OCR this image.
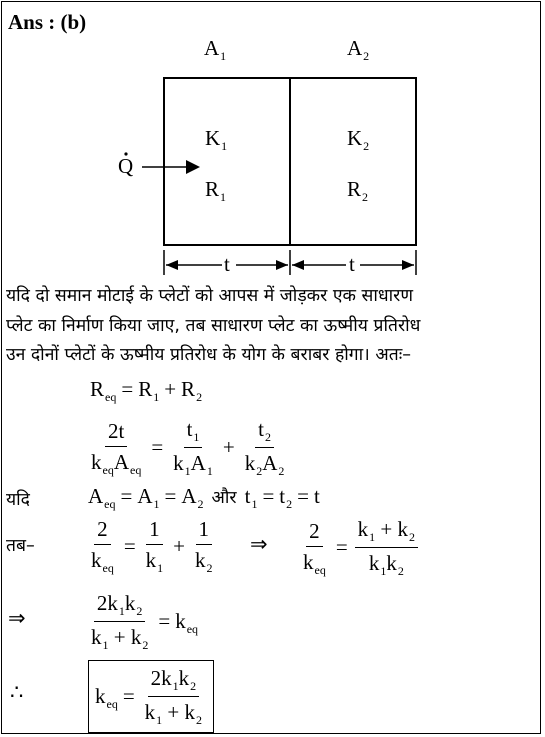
Ans : (b)
$A_1$	$A_2$
$K_1$	$K_2$
$R_1$	$R_2$
Q
t	t
यदि दो समान मोटाई के प्लेटों को आपस में जोड़कर एक साधारण
प्लेट का निर्माण किया जाए, तब साधारण प्लेट का ऊष्मीय प्रतिरोध
उन दोनों प्लेटों के ऊष्मीय प्रतिरोध के योग के बराबर होगा। अतः–
$R_{eq} = R_1 + R_2$
$\frac{2t}{k_{eq}A_{eq}} = \frac{t_1}{k_1A_1} + \frac{t_2}{k_2A_2}$
यदि	$A_{eq} = A_1 = A_2$ और $t_1 = t_2 = t$
तब–	$\frac{2}{k_{eq}} = \frac{1}{k_1} + \frac{1}{k_2}$ ⇒ $\frac{2}{k_{eq}} = \frac{k_1 + k_2}{k_1k_2}$
⇒	$\frac{2k_1k_2}{k_1 + k_2} = k_{eq}$
∴	$k_{eq} = \frac{2k_1k_2}{k_1 + k_2}$
